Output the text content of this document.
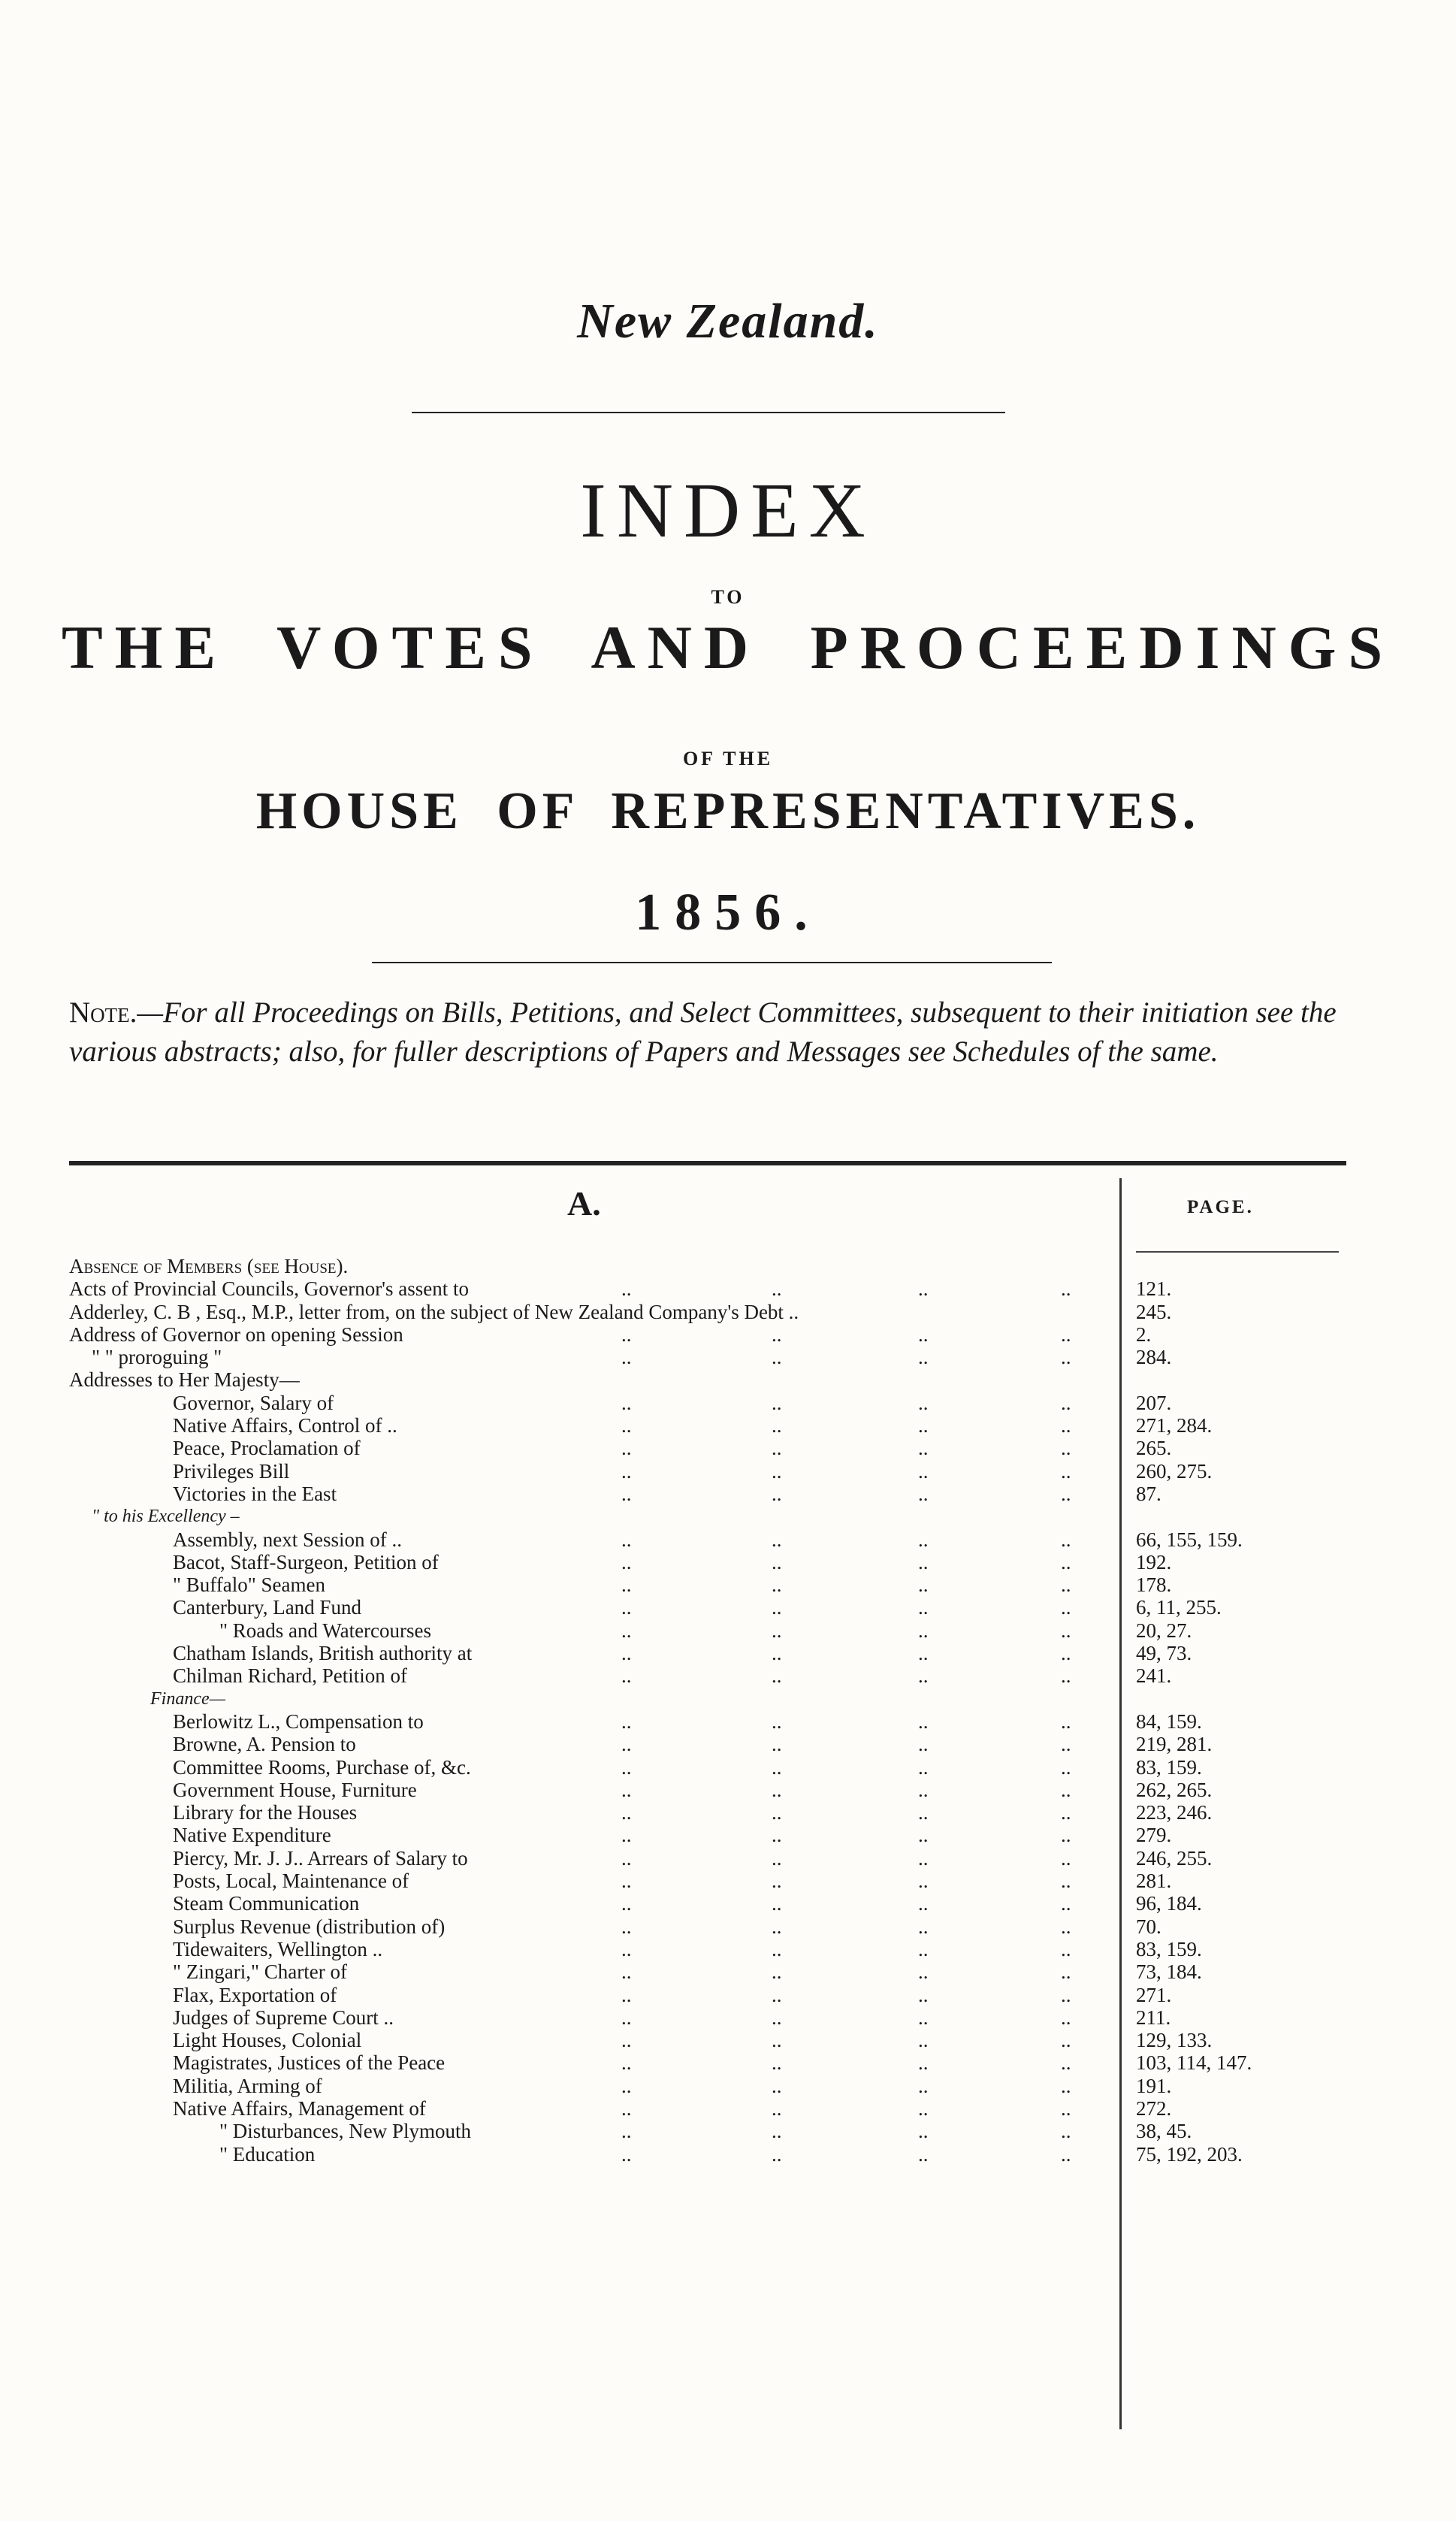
New Zealand.
INDEX
TO
THE VOTES AND PROCEEDINGS
OF THE
HOUSE OF REPRESENTATIVES.
1856.
Note.—For all Proceedings on Bills, Petitions, and Select Committees, subsequent to their initiation see the various abstracts; also, for fuller descriptions of Papers and Messages see Schedules of the same.
A.	PAGE.
Absence of Members (see House).
Acts of Provincial Councils, Governor's assent to	..	..	..	..	121.
Adderley, C. B , Esq., M.P., letter from, on the subject of New Zealand Company's Debt ..	245.
Address of Governor on opening Session	..	..	..	..	2.
" " proroguing "	..	..	..	..	284.
Addresses to Her Majesty—
Governor, Salary of	..	..	..	..	207.
Native Affairs, Control of ..	..	..	..	..	271, 284.
Peace, Proclamation of	..	..	..	..	265.
Privileges Bill	..	..	..	..	260, 275.
Victories in the East	..	..	..	..	87.
" to his Excellency –
Assembly, next Session of ..	..	..	..	..	66, 155, 159.
Bacot, Staff-Surgeon, Petition of	..	..	..	..	192.
" Buffalo" Seamen	..	..	..	..	178.
Canterbury, Land Fund	..	..	..	..	6, 11, 255.
" Roads and Watercourses	..	..	..	..	20, 27.
Chatham Islands, British authority at	..	..	..	..	49, 73.
Chilman Richard, Petition of	..	..	..	..	241.
Finance—
Berlowitz L., Compensation to	..	..	..	..	84, 159.
Browne, A. Pension to	..	..	..	..	219, 281.
Committee Rooms, Purchase of, &c.	..	..	..	..	83, 159.
Government House, Furniture	..	..	..	..	262, 265.
Library for the Houses	..	..	..	..	223, 246.
Native Expenditure	..	..	..	..	279.
Piercy, Mr. J. J.. Arrears of Salary to	..	..	..	..	246, 255.
Posts, Local, Maintenance of	..	..	..	..	281.
Steam Communication	..	..	..	..	96, 184.
Surplus Revenue (distribution of)	..	..	..	..	70.
Tidewaiters, Wellington ..	..	..	..	..	83, 159.
" Zingari," Charter of	..	..	..	..	73, 184.
Flax, Exportation of	..	..	..	..	271.
Judges of Supreme Court ..	..	..	..	..	211.
Light Houses, Colonial	..	..	..	..	129, 133.
Magistrates, Justices of the Peace	..	..	..	..	103, 114, 147.
Militia, Arming of	..	..	..	..	191.
Native Affairs, Management of	..	..	..	..	272.
" Disturbances, New Plymouth	..	..	..	..	38, 45.
" Education	..	..	..	..	75, 192, 203.
